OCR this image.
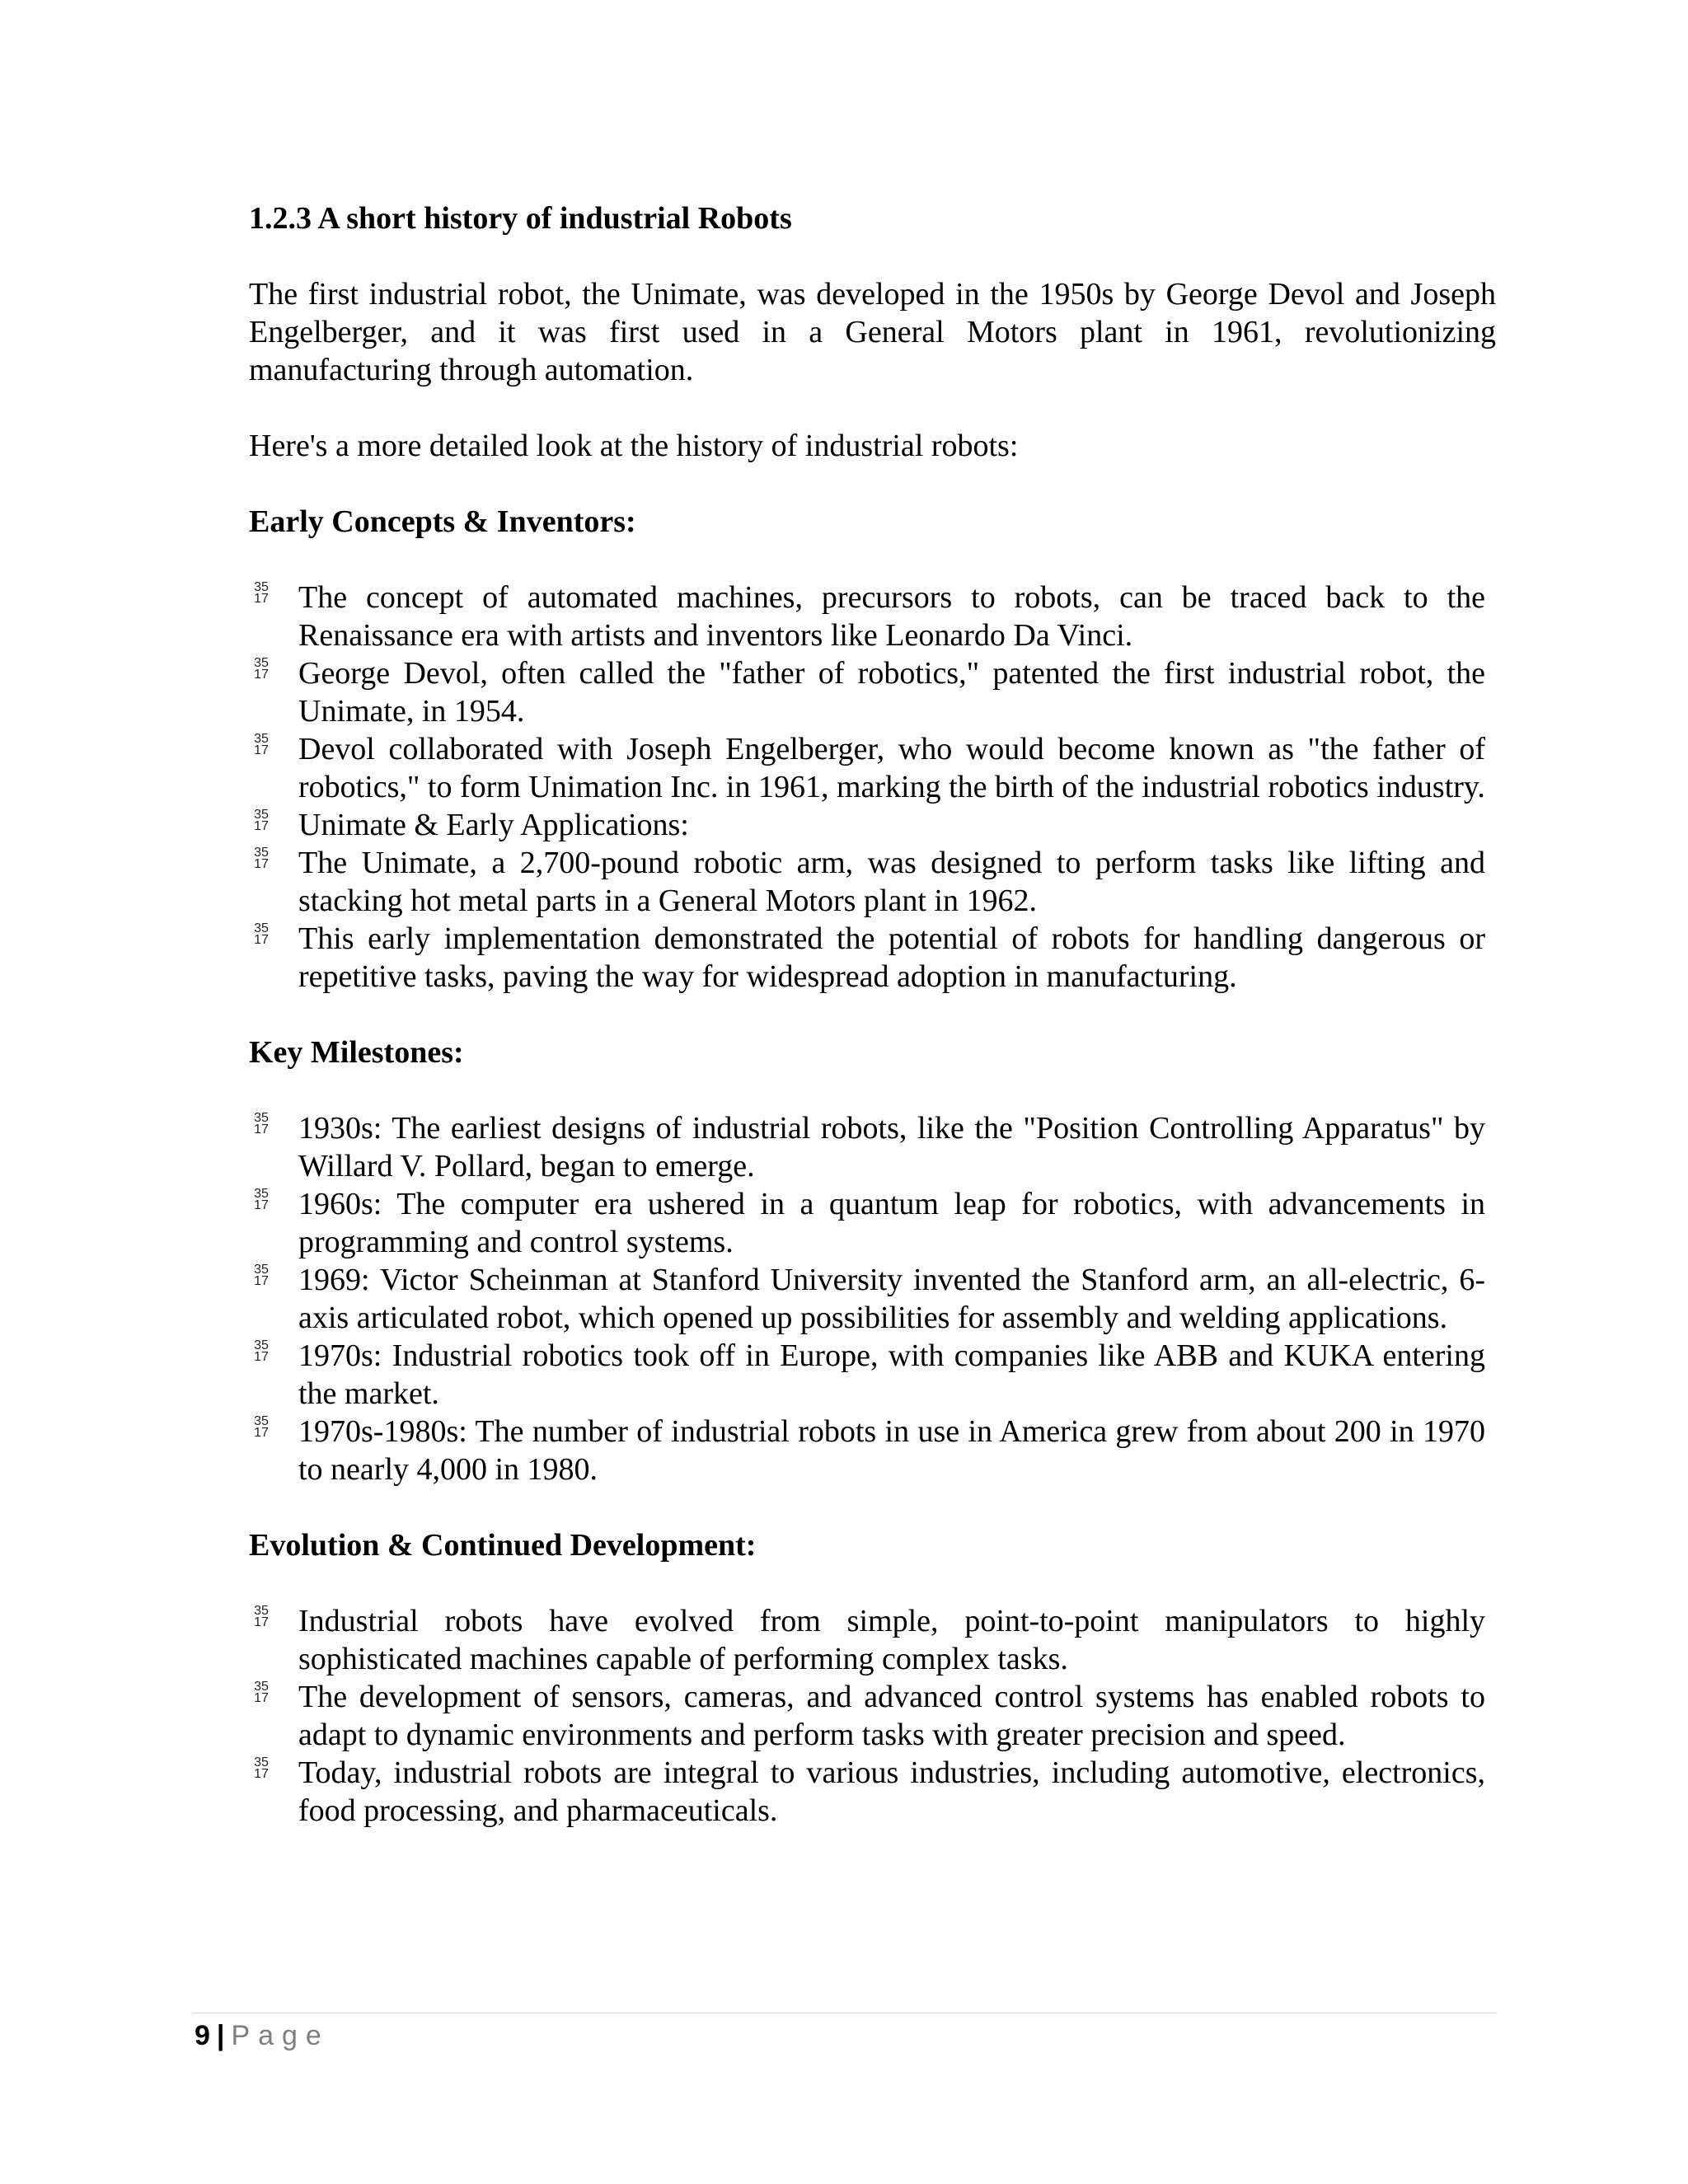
1.2.3 A short history of industrial Robots

The first industrial robot, the Unimate, was developed in the 1950s by George Devol and Joseph Engelberger, and it was first used in a General Motors plant in 1961, revolutionizing manufacturing through automation.

Here's a more detailed look at the history of industrial robots:

Early Concepts & Inventors:
35
17 The concept of automated machines, precursors to robots, can be traced back to the Renaissance era with artists and inventors like Leonardo Da Vinci.
35
17 George Devol, often called the "father of robotics," patented the first industrial robot, the Unimate, in 1954.
35
17 Devol collaborated with Joseph Engelberger, who would become known as "the father of robotics," to form Unimation Inc. in 1961, marking the birth of the industrial robotics industry.
35
17 Unimate & Early Applications:
35
17 The Unimate, a 2,700-pound robotic arm, was designed to perform tasks like lifting and stacking hot metal parts in a General Motors plant in 1962.
35
17 This early implementation demonstrated the potential of robots for handling dangerous or repetitive tasks, paving the way for widespread adoption in manufacturing.
Key Milestones:
35
17 1930s: The earliest designs of industrial robots, like the "Position Controlling Apparatus" by Willard V. Pollard, began to emerge.
35
17 1960s: The computer era ushered in a quantum leap for robotics, with advancements in programming and control systems.
35
17 1969: Victor Scheinman at Stanford University invented the Stanford arm, an all-electric, 6-axis articulated robot, which opened up possibilities for assembly and welding applications.
35
17 1970s: Industrial robotics took off in Europe, with companies like ABB and KUKA entering the market.
35
17 1970s-1980s: The number of industrial robots in use in America grew from about 200 in 1970 to nearly 4,000 in 1980.
Evolution & Continued Development:
35
17 Industrial robots have evolved from simple, point-to-point manipulators to highly sophisticated machines capable of performing complex tasks.
35
17 The development of sensors, cameras, and advanced control systems has enabled robots to adapt to dynamic environments and perform tasks with greater precision and speed.
35
17 Today, industrial robots are integral to various industries, including automotive, electronics, food processing, and pharmaceuticals.
9 | Page
